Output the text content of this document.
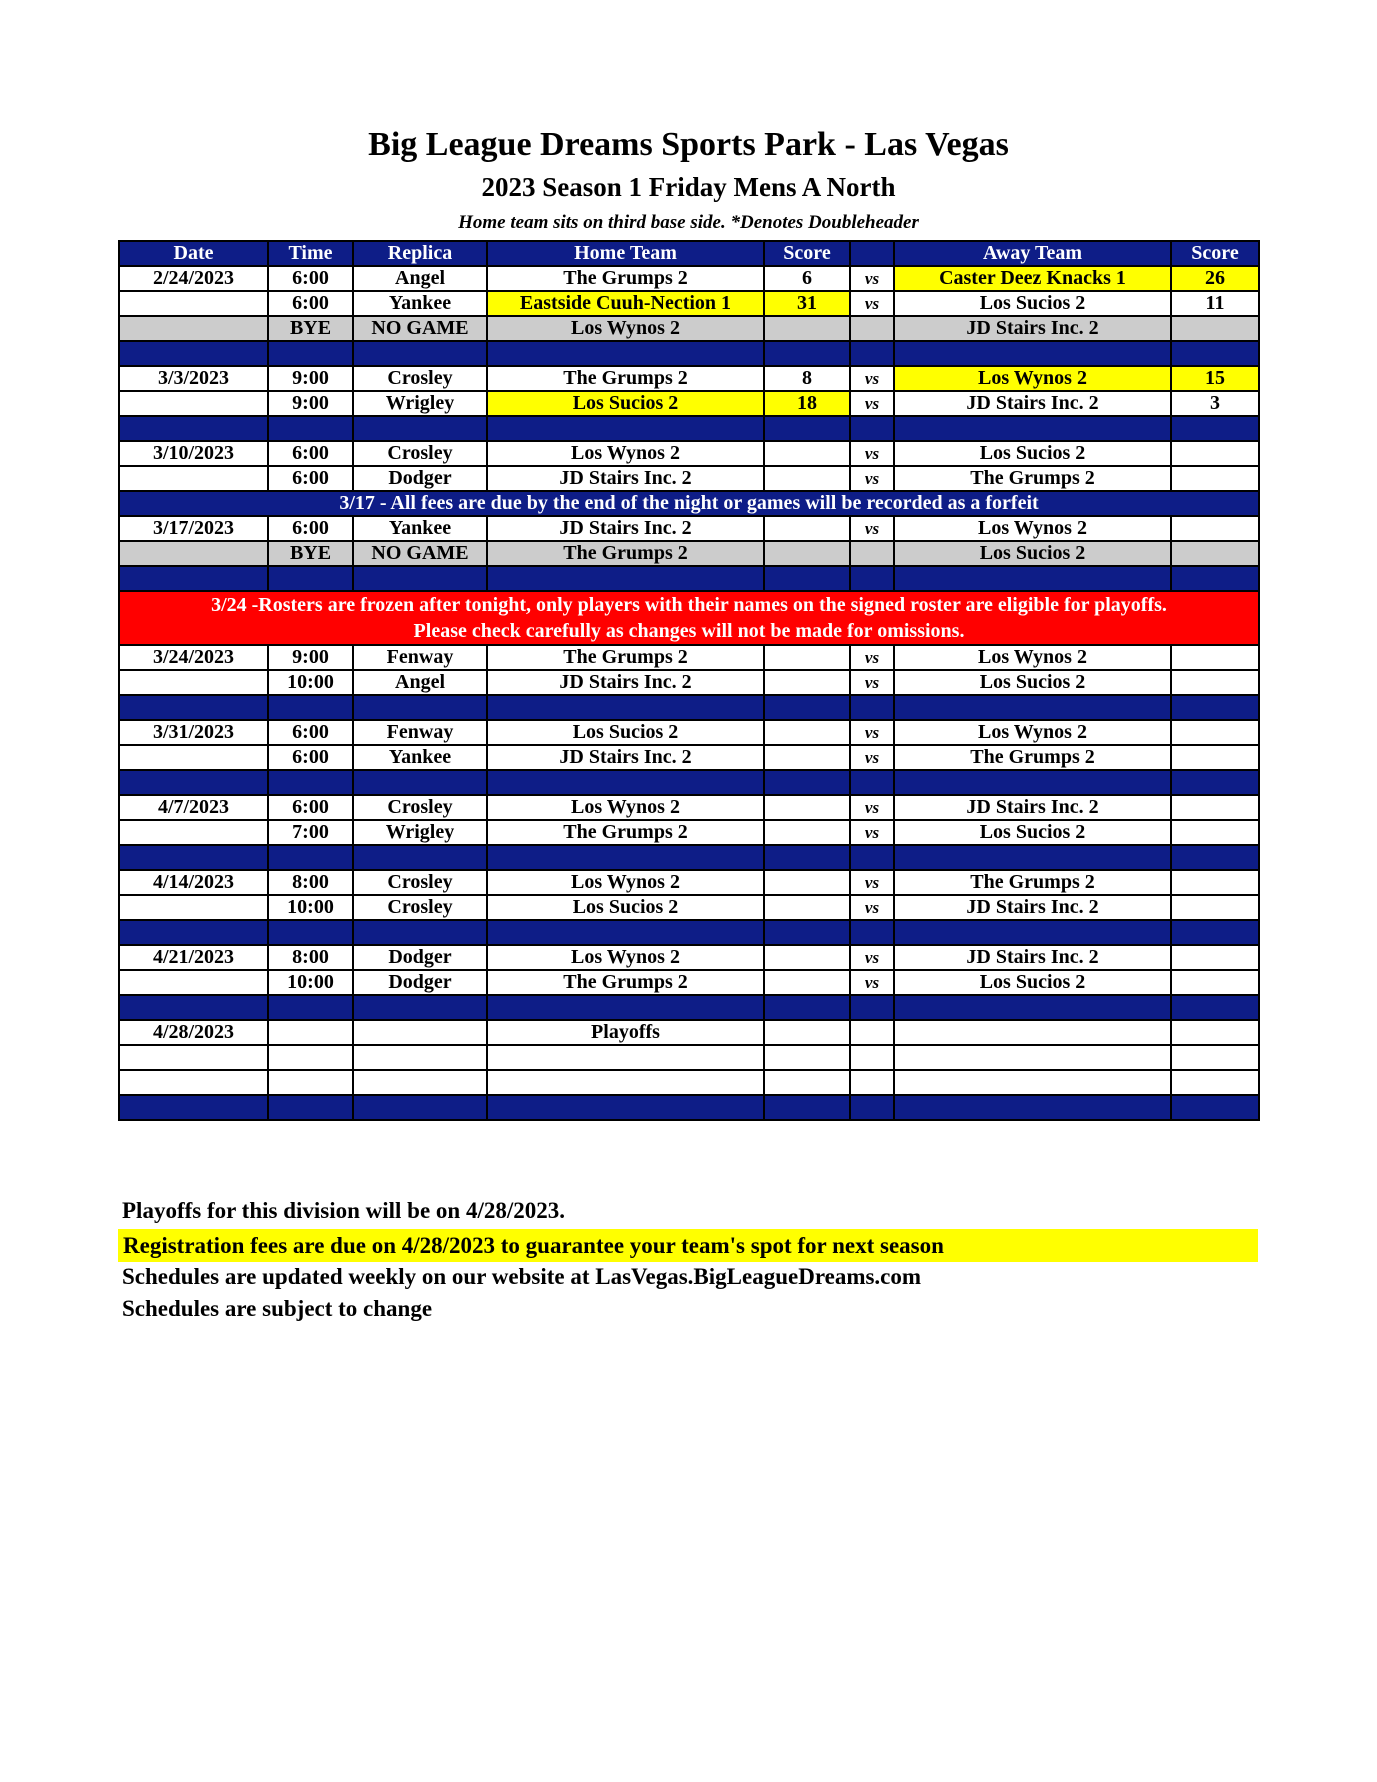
Big League Dreams Sports Park - Las Vegas
2023 Season 1 Friday Mens A North
Home team sits on third base side. *Denotes Doubleheader
Date	Time	Replica	Home Team	Score		Away Team	Score
2/24/2023	6:00	Angel	The Grumps 2	6	vs	Caster Deez Knacks 1	26
	6:00	Yankee	Eastside Cuuh-Nection 1	31	vs	Los Sucios 2	11
	BYE	NO GAME	Los Wynos 2			JD Stairs Inc. 2	

3/3/2023	9:00	Crosley	The Grumps 2	8	vs	Los Wynos 2	15
	9:00	Wrigley	Los Sucios 2	18	vs	JD Stairs Inc. 2	3

3/10/2023	6:00	Crosley	Los Wynos 2		vs	Los Sucios 2	
	6:00	Dodger	JD Stairs Inc. 2		vs	The Grumps 2	
3/17 - All fees are due by the end of the night or games will be recorded as a forfeit							
3/17/2023	6:00	Yankee	JD Stairs Inc. 2		vs	Los Wynos 2	
	BYE	NO GAME	The Grumps 2			Los Sucios 2	

3/24 -Rosters are frozen after tonight, only players with their names on the signed roster are eligible for playoffs.
Please check carefully as changes will not be made for omissions.							

3/24/2023	9:00	Fenway	The Grumps 2		vs	Los Wynos 2	
	10:00	Angel	JD Stairs Inc. 2		vs	Los Sucios 2	

3/31/2023	6:00	Fenway	Los Sucios 2		vs	Los Wynos 2	
	6:00	Yankee	JD Stairs Inc. 2		vs	The Grumps 2	

4/7/2023	6:00	Crosley	Los Wynos 2		vs	JD Stairs Inc. 2	
	7:00	Wrigley	The Grumps 2		vs	Los Sucios 2	

4/14/2023	8:00	Crosley	Los Wynos 2		vs	The Grumps 2	
	10:00	Crosley	Los Sucios 2		vs	JD Stairs Inc. 2	

4/21/2023	8:00	Dodger	Los Wynos 2		vs	JD Stairs Inc. 2	
	10:00	Dodger	The Grumps 2		vs	Los Sucios 2	

4/28/2023			Playoffs				

Playoffs for this division will be on 4/28/2023.
Registration fees are due on 4/28/2023 to guarantee your team's spot for next season
Schedules are updated weekly on our website at LasVegas.BigLeagueDreams.com
Schedules are subject to change
